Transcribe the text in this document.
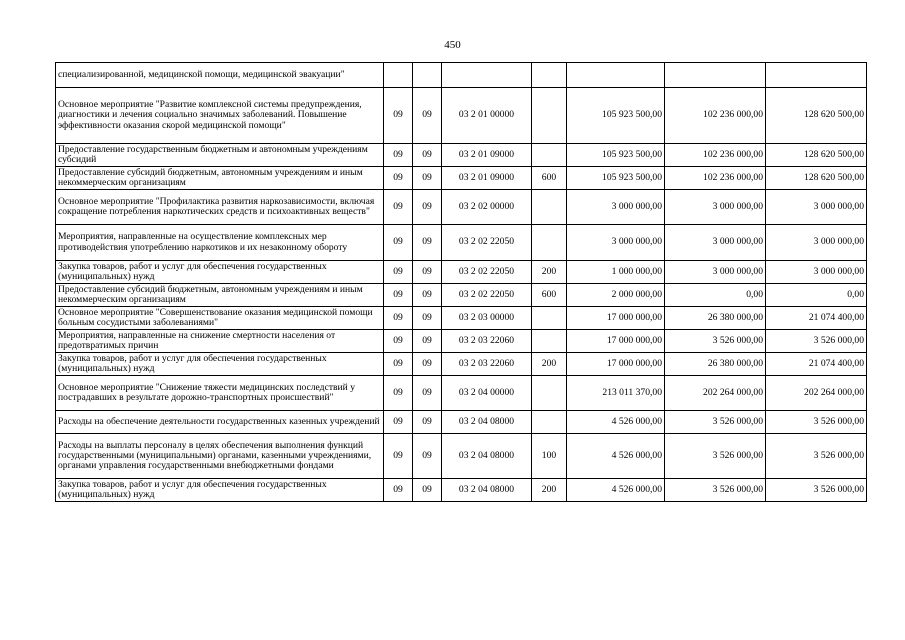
450
специализированной, медицинской помощи, медицинской эвакуации"							
Основное мероприятие "Развитие комплексной системы предупреждения, диагностики и лечения социально значимых заболеваний. Повышение эффективности оказания скорой медицинской помощи"	09	09	03 2 01 00000		105 923 500,00	102 236 000,00	128 620 500,00
Предоставление государственным бюджетным и автономным учреждениям субсидий	09	09	03 2 01 09000		105 923 500,00	102 236 000,00	128 620 500,00
Предоставление субсидий бюджетным, автономным учреждениям и иным некоммерческим организациям	09	09	03 2 01 09000	600	105 923 500,00	102 236 000,00	128 620 500,00
Основное мероприятие "Профилактика развития наркозависимости, включая сокращение потребления наркотических средств и психоактивных веществ"	09	09	03 2 02 00000		3 000 000,00	3 000 000,00	3 000 000,00
Мероприятия, направленные на осуществление комплексных мер противодействия употреблению наркотиков и их незаконному обороту	09	09	03 2 02 22050		3 000 000,00	3 000 000,00	3 000 000,00
Закупка товаров, работ и услуг для обеспечения государственных (муниципальных) нужд	09	09	03 2 02 22050	200	1 000 000,00	3 000 000,00	3 000 000,00
Предоставление субсидий бюджетным, автономным учреждениям и иным некоммерческим организациям	09	09	03 2 02 22050	600	2 000 000,00	0,00	0,00
Основное мероприятие "Совершенствование оказания медицинской помощи больным сосудистыми заболеваниями"	09	09	03 2 03 00000		17 000 000,00	26 380 000,00	21 074 400,00
Мероприятия, направленные на снижение смертности населения от предотвратимых причин	09	09	03 2 03 22060		17 000 000,00	3 526 000,00	3 526 000,00
Закупка товаров, работ и услуг для обеспечения государственных (муниципальных) нужд	09	09	03 2 03 22060	200	17 000 000,00	26 380 000,00	21 074 400,00
Основное мероприятие "Снижение тяжести медицинских последствий у пострадавших в результате дорожно-транспортных происшествий"	09	09	03 2 04 00000		213 011 370,00	202 264 000,00	202 264 000,00
Расходы на обеспечение деятельности государственных казенных учреждений	09	09	03 2 04 08000		4 526 000,00	3 526 000,00	3 526 000,00
Расходы на выплаты персоналу в целях обеспечения выполнения функций государственными (муниципальными) органами, казенными учреждениями, органами управления государственными внебюджетными фондами	09	09	03 2 04 08000	100	4 526 000,00	3 526 000,00	3 526 000,00
Закупка товаров, работ и услуг для обеспечения государственных (муниципальных) нужд	09	09	03 2 04 08000	200	4 526 000,00	3 526 000,00	3 526 000,00
